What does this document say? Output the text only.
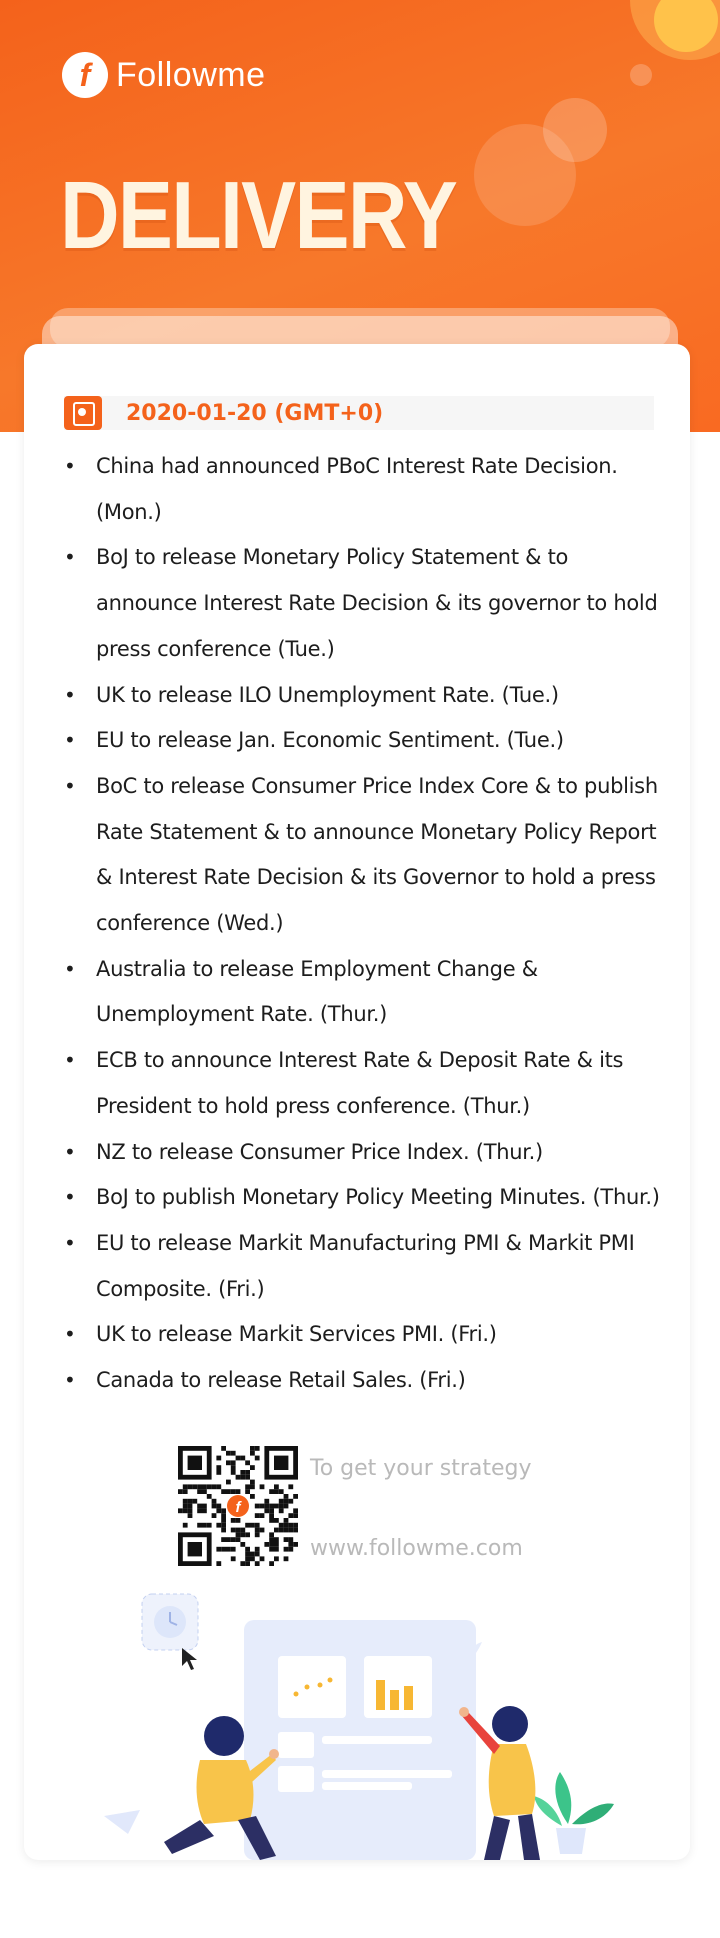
f Followme
DELIVERY
2020-01-20 (GMT+0)
• China had announced PBoC Interest Rate Decision. (Mon.)
• BoJ to release Monetary Policy Statement & to announce Interest Rate Decision & its governor to hold press conference (Tue.)
• UK to release ILO Unemployment Rate. (Tue.)
• EU to release Jan. Economic Sentiment. (Tue.)
• BoC to release Consumer Price Index Core & to publish Rate Statement & to announce Monetary Policy Report & Interest Rate Decision & its Governor to hold a press conference (Wed.)
• Australia to release Employment Change & Unemployment Rate. (Thur.)
• ECB to announce Interest Rate & Deposit Rate & its President to hold press conference. (Thur.)
• NZ to release Consumer Price Index. (Thur.)
• BoJ to publish Monetary Policy Meeting Minutes. (Thur.)
• EU to release Markit Manufacturing PMI & Markit PMI Composite. (Fri.)
• UK to release Markit Services PMI. (Fri.)
• Canada to release Retail Sales. (Fri.)
f
To get your strategy
www.followme.com
